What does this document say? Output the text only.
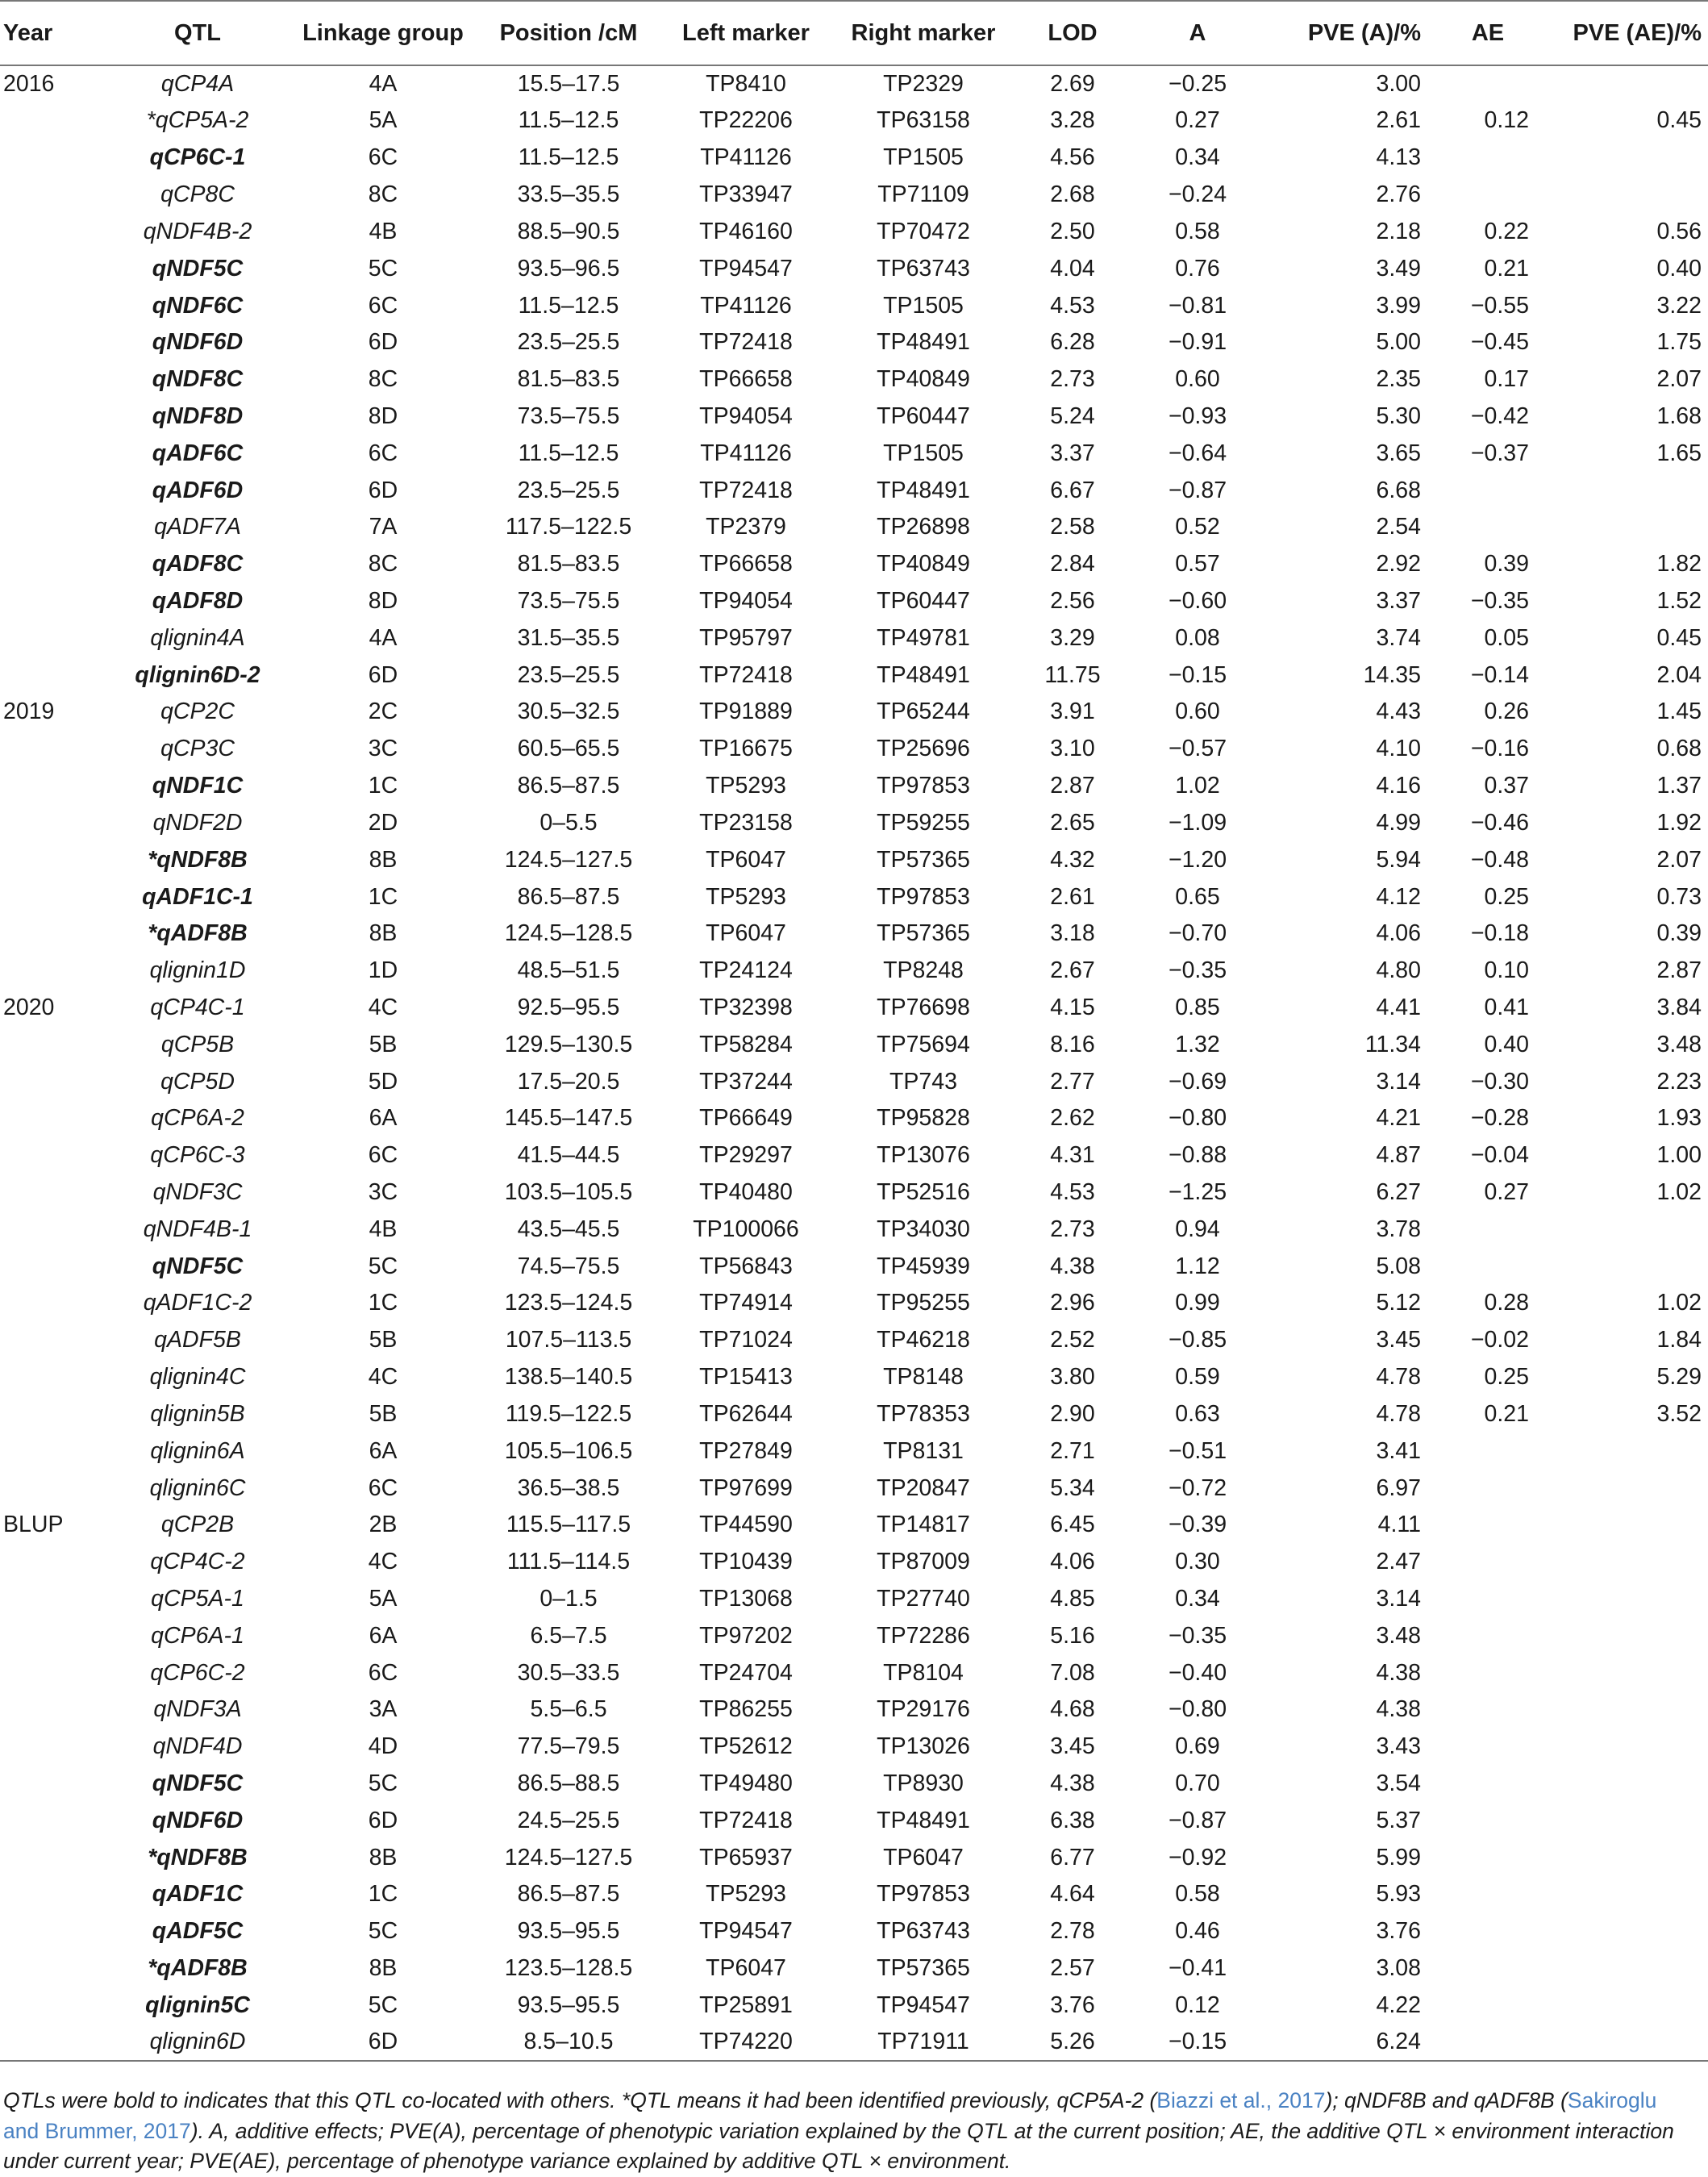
Year	QTL	Linkage group	Position /cM	Left marker	Right marker	LOD	A	PVE (A)/%	AE	PVE (AE)/%
2016	qCP4A	4A	15.5–17.5	TP8410	TP2329	2.69	−0.25	3.00		
	*qCP5A-2	5A	11.5–12.5	TP22206	TP63158	3.28	0.27	2.61	0.12	0.45
	qCP6C-1	6C	11.5–12.5	TP41126	TP1505	4.56	0.34	4.13		
	qCP8C	8C	33.5–35.5	TP33947	TP71109	2.68	−0.24	2.76		
	qNDF4B-2	4B	88.5–90.5	TP46160	TP70472	2.50	0.58	2.18	0.22	0.56
	qNDF5C	5C	93.5–96.5	TP94547	TP63743	4.04	0.76	3.49	0.21	0.40
	qNDF6C	6C	11.5–12.5	TP41126	TP1505	4.53	−0.81	3.99	−0.55	3.22
	qNDF6D	6D	23.5–25.5	TP72418	TP48491	6.28	−0.91	5.00	−0.45	1.75
	qNDF8C	8C	81.5–83.5	TP66658	TP40849	2.73	0.60	2.35	0.17	2.07
	qNDF8D	8D	73.5–75.5	TP94054	TP60447	5.24	−0.93	5.30	−0.42	1.68
	qADF6C	6C	11.5–12.5	TP41126	TP1505	3.37	−0.64	3.65	−0.37	1.65
	qADF6D	6D	23.5–25.5	TP72418	TP48491	6.67	−0.87	6.68		
	qADF7A	7A	117.5–122.5	TP2379	TP26898	2.58	0.52	2.54		
	qADF8C	8C	81.5–83.5	TP66658	TP40849	2.84	0.57	2.92	0.39	1.82
	qADF8D	8D	73.5–75.5	TP94054	TP60447	2.56	−0.60	3.37	−0.35	1.52
	qlignin4A	4A	31.5–35.5	TP95797	TP49781	3.29	0.08	3.74	0.05	0.45
	qlignin6D-2	6D	23.5–25.5	TP72418	TP48491	11.75	−0.15	14.35	−0.14	2.04
2019	qCP2C	2C	30.5–32.5	TP91889	TP65244	3.91	0.60	4.43	0.26	1.45
	qCP3C	3C	60.5–65.5	TP16675	TP25696	3.10	−0.57	4.10	−0.16	0.68
	qNDF1C	1C	86.5–87.5	TP5293	TP97853	2.87	1.02	4.16	0.37	1.37
	qNDF2D	2D	0–5.5	TP23158	TP59255	2.65	−1.09	4.99	−0.46	1.92
	*qNDF8B	8B	124.5–127.5	TP6047	TP57365	4.32	−1.20	5.94	−0.48	2.07
	qADF1C-1	1C	86.5–87.5	TP5293	TP97853	2.61	0.65	4.12	0.25	0.73
	*qADF8B	8B	124.5–128.5	TP6047	TP57365	3.18	−0.70	4.06	−0.18	0.39
	qlignin1D	1D	48.5–51.5	TP24124	TP8248	2.67	−0.35	4.80	0.10	2.87
2020	qCP4C-1	4C	92.5–95.5	TP32398	TP76698	4.15	0.85	4.41	0.41	3.84
	qCP5B	5B	129.5–130.5	TP58284	TP75694	8.16	1.32	11.34	0.40	3.48
	qCP5D	5D	17.5–20.5	TP37244	TP743	2.77	−0.69	3.14	−0.30	2.23
	qCP6A-2	6A	145.5–147.5	TP66649	TP95828	2.62	−0.80	4.21	−0.28	1.93
	qCP6C-3	6C	41.5–44.5	TP29297	TP13076	4.31	−0.88	4.87	−0.04	1.00
	qNDF3C	3C	103.5–105.5	TP40480	TP52516	4.53	−1.25	6.27	0.27	1.02
	qNDF4B-1	4B	43.5–45.5	TP100066	TP34030	2.73	0.94	3.78		
	qNDF5C	5C	74.5–75.5	TP56843	TP45939	4.38	1.12	5.08		
	qADF1C-2	1C	123.5–124.5	TP74914	TP95255	2.96	0.99	5.12	0.28	1.02
	qADF5B	5B	107.5–113.5	TP71024	TP46218	2.52	−0.85	3.45	−0.02	1.84
	qlignin4C	4C	138.5–140.5	TP15413	TP8148	3.80	0.59	4.78	0.25	5.29
	qlignin5B	5B	119.5–122.5	TP62644	TP78353	2.90	0.63	4.78	0.21	3.52
	qlignin6A	6A	105.5–106.5	TP27849	TP8131	2.71	−0.51	3.41		
	qlignin6C	6C	36.5–38.5	TP97699	TP20847	5.34	−0.72	6.97		
BLUP	qCP2B	2B	115.5–117.5	TP44590	TP14817	6.45	−0.39	4.11		
	qCP4C-2	4C	111.5–114.5	TP10439	TP87009	4.06	0.30	2.47		
	qCP5A-1	5A	0–1.5	TP13068	TP27740	4.85	0.34	3.14		
	qCP6A-1	6A	6.5–7.5	TP97202	TP72286	5.16	−0.35	3.48		
	qCP6C-2	6C	30.5–33.5	TP24704	TP8104	7.08	−0.40	4.38		
	qNDF3A	3A	5.5–6.5	TP86255	TP29176	4.68	−0.80	4.38		
	qNDF4D	4D	77.5–79.5	TP52612	TP13026	3.45	0.69	3.43		
	qNDF5C	5C	86.5–88.5	TP49480	TP8930	4.38	0.70	3.54		
	qNDF6D	6D	24.5–25.5	TP72418	TP48491	6.38	−0.87	5.37		
	*qNDF8B	8B	124.5–127.5	TP65937	TP6047	6.77	−0.92	5.99		
	qADF1C	1C	86.5–87.5	TP5293	TP97853	4.64	0.58	5.93		
	qADF5C	5C	93.5–95.5	TP94547	TP63743	2.78	0.46	3.76		
	*qADF8B	8B	123.5–128.5	TP6047	TP57365	2.57	−0.41	3.08		
	qlignin5C	5C	93.5–95.5	TP25891	TP94547	3.76	0.12	4.22		
	qlignin6D	6D	8.5–10.5	TP74220	TP71911	5.26	−0.15	6.24		
QTLs were bold to indicates that this QTL co-located with others. *QTL means it had been identified previously, qCP5A-2 (Biazzi et al., 2017); qNDF8B and qADF8B (Sakiroglu and Brummer, 2017). A, additive effects; PVE(A), percentage of phenotypic variation explained by the QTL at the current position; AE, the additive QTL × environment interaction under current year; PVE(AE), percentage of phenotype variance explained by additive QTL × environment.
